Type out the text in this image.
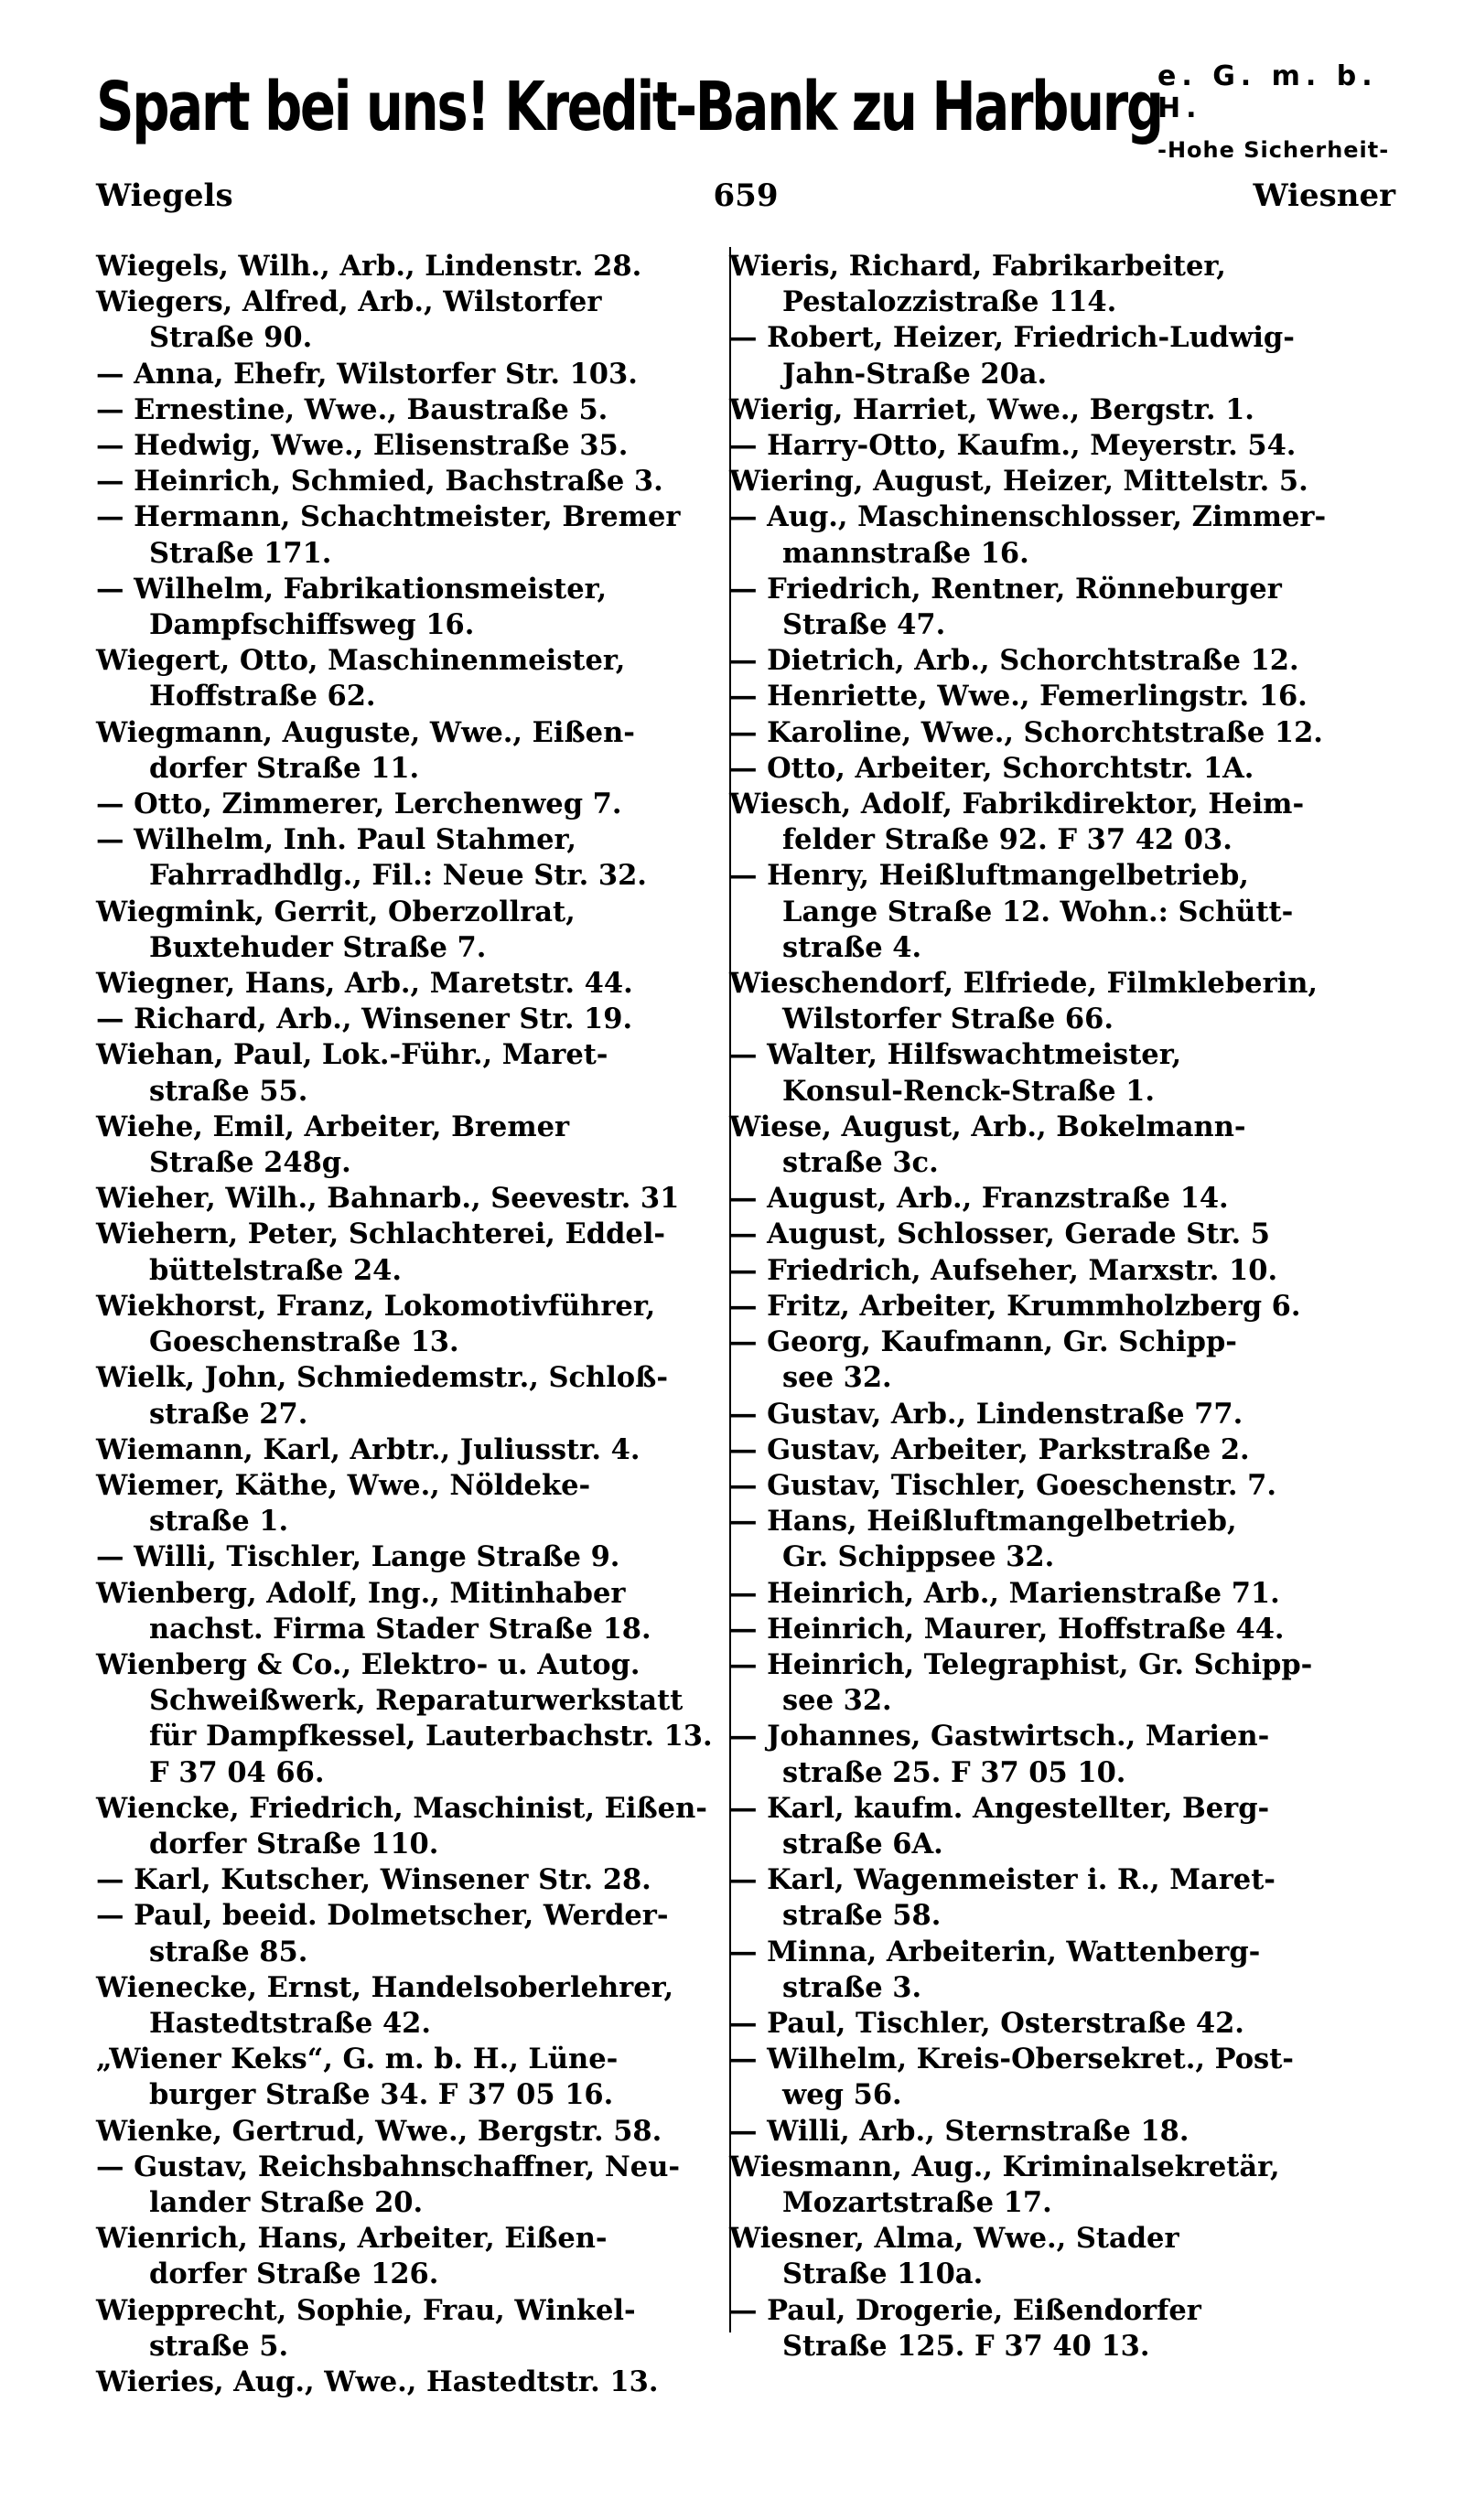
Spart bei uns! Kredit-Bank zu Harburg
e. G. m. b. H.
-Hohe Sicherheit-
Wiegels	659	Wiesner
Wiegels, Wilh., Arb., Lindenstr. 28.
Wiegers, Alfred, Arb., Wilstorfer
Straße 90.
— Anna, Ehefr, Wilstorfer Str. 103.
— Ernestine, Wwe., Baustraße 5.
— Hedwig, Wwe., Elisenstraße 35.
— Heinrich, Schmied, Bachstraße 3.
— Hermann, Schachtmeister, Bremer
Straße 171.
— Wilhelm, Fabrikationsmeister,
Dampfschiffsweg 16.
Wiegert, Otto, Maschinenmeister,
Hoffstraße 62.
Wiegmann, Auguste, Wwe., Eißen-
dorfer Straße 11.
— Otto, Zimmerer, Lerchenweg 7.
— Wilhelm, Inh. Paul Stahmer,
Fahrradhdlg., Fil.: Neue Str. 32.
Wiegmink, Gerrit, Oberzollrat,
Buxtehuder Straße 7.
Wiegner, Hans, Arb., Maretstr. 44.
— Richard, Arb., Winsener Str. 19.
Wiehan, Paul, Lok.-Führ., Maret-
straße 55.
Wiehe, Emil, Arbeiter, Bremer
Straße 248g.
Wieher, Wilh., Bahnarb., Seevestr. 31
Wiehern, Peter, Schlachterei, Eddel-
büttelstraße 24.
Wiekhorst, Franz, Lokomotivführer,
Goeschenstraße 13.
Wielk, John, Schmiedemstr., Schloß-
straße 27.
Wiemann, Karl, Arbtr., Juliusstr. 4.
Wiemer, Käthe, Wwe., Nöldeke-
straße 1.
— Willi, Tischler, Lange Straße 9.
Wienberg, Adolf, Ing., Mitinhaber
nachst. Firma Stader Straße 18.
Wienberg & Co., Elektro- u. Autog.
Schweißwerk, Reparaturwerkstatt
für Dampfkessel, Lauterbachstr. 13.
F 37 04 66.
Wiencke, Friedrich, Maschinist, Eißen-
dorfer Straße 110.
— Karl, Kutscher, Winsener Str. 28.
— Paul, beeid. Dolmetscher, Werder-
straße 85.
Wienecke, Ernst, Handelsoberlehrer,
Hastedtstraße 42.
„Wiener Keks“, G. m. b. H., Lüne-
burger Straße 34. F 37 05 16.
Wienke, Gertrud, Wwe., Bergstr. 58.
— Gustav, Reichsbahnschaffner, Neu-
lander Straße 20.
Wienrich, Hans, Arbeiter, Eißen-
dorfer Straße 126.
Wiepprecht, Sophie, Frau, Winkel-
straße 5.
Wieries, Aug., Wwe., Hastedtstr. 13.
Wieris, Richard, Fabrikarbeiter,
Pestalozzistraße 114.
— Robert, Heizer, Friedrich-Ludwig-
Jahn-Straße 20a.
Wierig, Harriet, Wwe., Bergstr. 1.
— Harry-Otto, Kaufm., Meyerstr. 54.
Wiering, August, Heizer, Mittelstr. 5.
— Aug., Maschinenschlosser, Zimmer-
mannstraße 16.
— Friedrich, Rentner, Rönneburger
Straße 47.
— Dietrich, Arb., Schorchtstraße 12.
— Henriette, Wwe., Femerlingstr. 16.
— Karoline, Wwe., Schorchtstraße 12.
— Otto, Arbeiter, Schorchtstr. 1A.
Wiesch, Adolf, Fabrikdirektor, Heim-
felder Straße 92. F 37 42 03.
— Henry, Heißluftmangelbetrieb,
Lange Straße 12. Wohn.: Schütt-
straße 4.
Wieschendorf, Elfriede, Filmkleberin,
Wilstorfer Straße 66.
— Walter, Hilfswachtmeister,
Konsul-Renck-Straße 1.
Wiese, August, Arb., Bokelmann-
straße 3c.
— August, Arb., Franzstraße 14.
— August, Schlosser, Gerade Str. 5
— Friedrich, Aufseher, Marxstr. 10.
— Fritz, Arbeiter, Krummholzberg 6.
— Georg, Kaufmann, Gr. Schipp-
see 32.
— Gustav, Arb., Lindenstraße 77.
— Gustav, Arbeiter, Parkstraße 2.
— Gustav, Tischler, Goeschenstr. 7.
— Hans, Heißluftmangelbetrieb,
Gr. Schippsee 32.
— Heinrich, Arb., Marienstraße 71.
— Heinrich, Maurer, Hoffstraße 44.
— Heinrich, Telegraphist, Gr. Schipp-
see 32.
— Johannes, Gastwirtsch., Marien-
straße 25. F 37 05 10.
— Karl, kaufm. Angestellter, Berg-
straße 6A.
— Karl, Wagenmeister i. R., Maret-
straße 58.
— Minna, Arbeiterin, Wattenberg-
straße 3.
— Paul, Tischler, Osterstraße 42.
— Wilhelm, Kreis-Obersekret., Post-
weg 56.
— Willi, Arb., Sternstraße 18.
Wiesmann, Aug., Kriminalsekretär,
Mozartstraße 17.
Wiesner, Alma, Wwe., Stader
Straße 110a.
— Paul, Drogerie, Eißendorfer
Straße 125. F 37 40 13.
